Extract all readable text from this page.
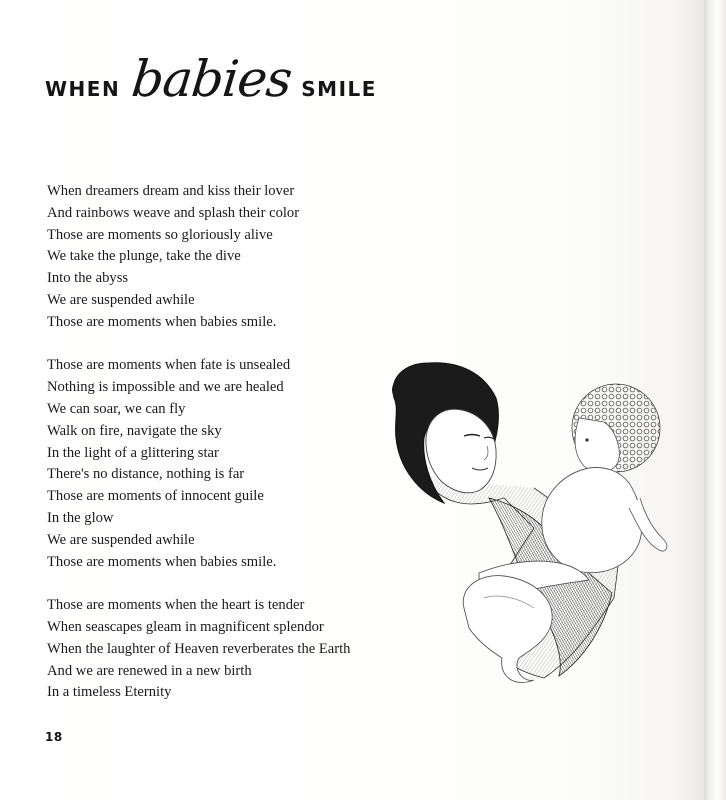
WHEN babies SMILE
When dreamers dream and kiss their lover
And rainbows weave and splash their color
Those are moments so gloriously alive
We take the plunge, take the dive
Into the abyss
We are suspended awhile
Those are moments when babies smile.
Those are moments when fate is unsealed
Nothing is impossible and we are healed
We can soar, we can fly
Walk on fire, navigate the sky
In the light of a glittering star
There's no distance, nothing is far
Those are moments of innocent guile
In the glow
We are suspended awhile
Those are moments when babies smile.
Those are moments when the heart is tender
When seascapes gleam in magnificent splendor
When the laughter of Heaven reverberates the Earth
And we are renewed in a new birth
In a timeless Eternity
18
